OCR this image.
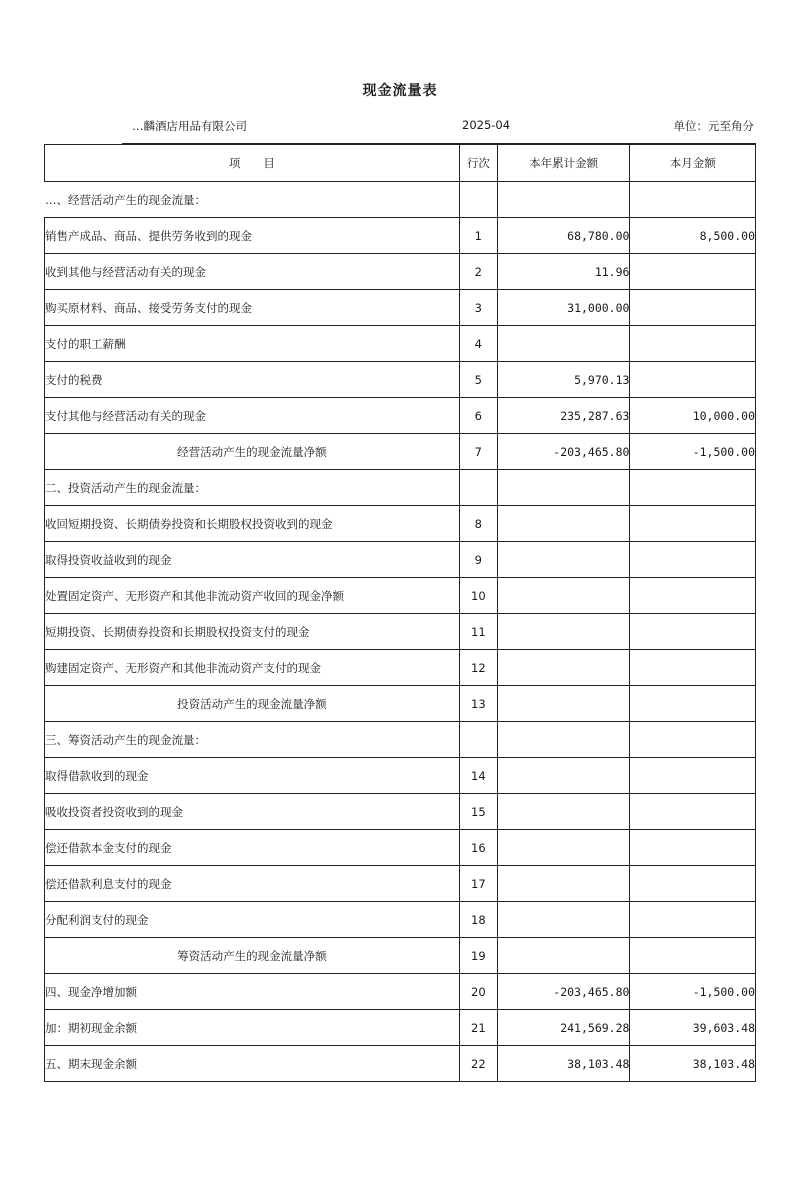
现金流量表
…麟酒店用品有限公司	2025-04	单位：元至角分
项　　目	行次	本年累计金额	本月金额
…、经营活动产生的现金流量：			
销售产成品、商品、提供劳务收到的现金	1	68,780.00	8,500.00
收到其他与经营活动有关的现金	2	11.96	
购买原材料、商品、接受劳务支付的现金	3	31,000.00	
支付的职工薪酬	4		
支付的税费	5	5,970.13	
支付其他与经营活动有关的现金	6	235,287.63	10,000.00
经营活动产生的现金流量净额	7	-203,465.80	-1,500.00
二、投资活动产生的现金流量：			
收回短期投资、长期债券投资和长期股权投资收到的现金	8		
取得投资收益收到的现金	9		
处置固定资产、无形资产和其他非流动资产收回的现金净额	10		
短期投资、长期债券投资和长期股权投资支付的现金	11		
购建固定资产、无形资产和其他非流动资产支付的现金	12		
投资活动产生的现金流量净额	13		
三、筹资活动产生的现金流量：			
取得借款收到的现金	14		
吸收投资者投资收到的现金	15		
偿还借款本金支付的现金	16		
偿还借款利息支付的现金	17		
分配利润支付的现金	18		
筹资活动产生的现金流量净额	19		
四、现金净增加额	20	-203,465.80	-1,500.00
加：期初现金余额	21	241,569.28	39,603.48
五、期末现金余额	22	38,103.48	38,103.48
